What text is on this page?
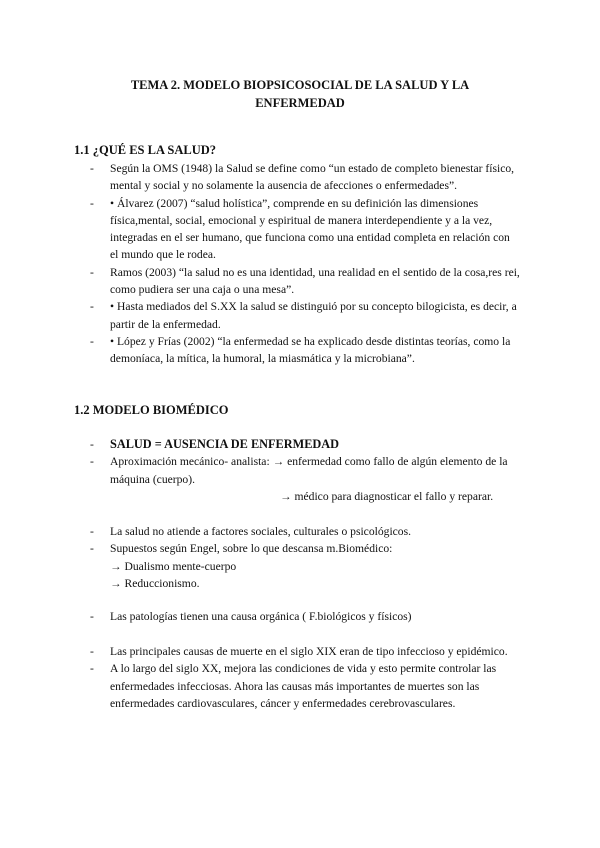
TEMA 2. MODELO BIOPSICOSOCIAL DE LA SALUD Y LA
ENFERMEDAD
1.1 ¿QUÉ ES LA SALUD?
- Según la OMS (1948) la Salud se define como “un estado de completo bienestar físico, mental y social y no solamente la ausencia de afecciones o enfermedades”.
- • Álvarez (2007) “salud holística”, comprende en su definición las dimensiones física,mental, social, emocional y espiritual de manera interdependiente y a la vez, integradas en el ser humano, que funciona como una entidad completa en relación con el mundo que le rodea.
- Ramos (2003) “la salud no es una identidad, una realidad en el sentido de la cosa,res rei, como pudiera ser una caja o una mesa”.
- • Hasta mediados del S.XX la salud se distinguió por su concepto bilogicista, es decir, a partir de la enfermedad.
- • López y Frías (2002) “la enfermedad se ha explicado desde distintas teorías, como la demoníaca, la mítica, la humoral, la miasmática y la microbiana”.
1.2 MODELO BIOMÉDICO
- SALUD = AUSENCIA DE ENFERMEDAD
- Aproximación mecánico- analista: → enfermedad como fallo de algún elemento de la máquina (cuerpo).
→ médico para diagnosticar el fallo y reparar.
- La salud no atiende a factores sociales, culturales o psicológicos.
- Supuestos según Engel, sobre lo que descansa m.Biomédico:
→ Dualismo mente-cuerpo
→ Reduccionismo.
- Las patologías tienen una causa orgánica ( F.biológicos y físicos)
- Las principales causas de muerte en el siglo XIX eran de tipo infeccioso y epidémico.
- A lo largo del siglo XX, mejora las condiciones de vida y esto permite controlar las enfermedades infecciosas. Ahora las causas más importantes de muertes son las enfermedades cardiovasculares, cáncer y enfermedades cerebrovasculares.
